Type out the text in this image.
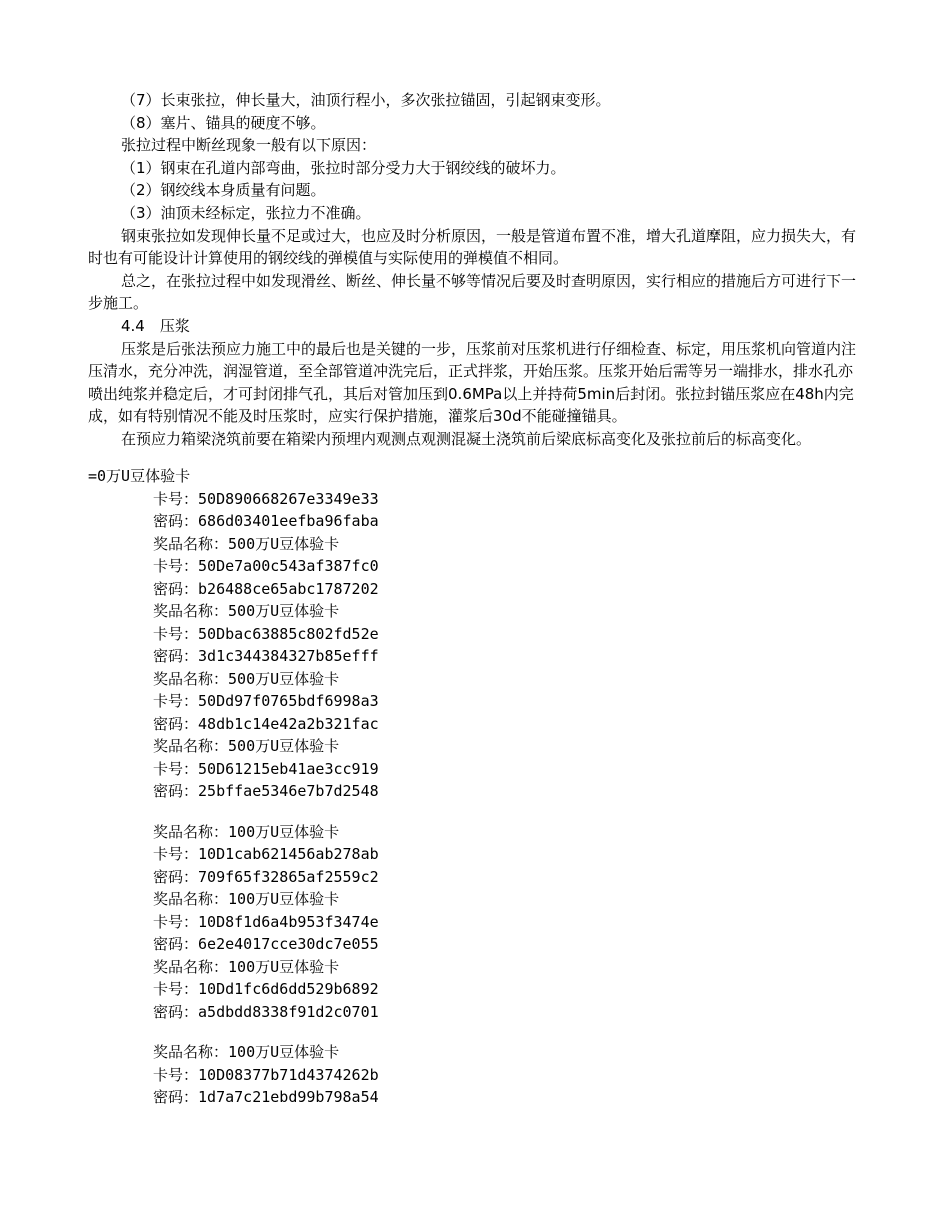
（7）长束张拉，伸长量大，油顶行程小，多次张拉锚固，引起钢束变形。

（8）塞片、锚具的硬度不够。

张拉过程中断丝现象一般有以下原因：

（1）钢束在孔道内部弯曲，张拉时部分受力大于钢绞线的破坏力。

（2）钢绞线本身质量有问题。

（3）油顶未经标定，张拉力不准确。

钢束张拉如发现伸长量不足或过大，也应及时分析原因，一般是管道布置不准，增大孔道摩阻，应力损失大，有时也有可能设计计算使用的钢绞线的弹模值与实际使用的弹模值不相同。

总之，在张拉过程中如发现滑丝、断丝、伸长量不够等情况后要及时查明原因，实行相应的措施后方可进行下一步施工。

4.4　压浆

压浆是后张法预应力施工中的最后也是关键的一步，压浆前对压浆机进行仔细检查、标定，用压浆机向管道内注压清水，充分冲洗，润湿管道，至全部管道冲洗完后，正式拌浆，开始压浆。压浆开始后需等另一端排水，排水孔亦喷出纯浆并稳定后，才可封闭排气孔，其后对管加压到0.6MPa以上并持荷5min后封闭。张拉封锚压浆应在48h内完成，如有特别情况不能及时压浆时，应实行保护措施，灌浆后30d不能碰撞锚具。

在预应力箱梁浇筑前要在箱梁内预埋内观测点观测混凝土浇筑前后梁底标高变化及张拉前后的标高变化。

=0万U豆体验卡

卡号：50D890668267e3349e33

密码：686d03401eefba96faba

奖品名称：500万U豆体验卡

卡号：50De7a00c543af387fc0

密码：b26488ce65abc1787202

奖品名称：500万U豆体验卡

卡号：50Dbac63885c802fd52e

密码：3d1c344384327b85efff

奖品名称：500万U豆体验卡

卡号：50Dd97f0765bdf6998a3

密码：48db1c14e42a2b321fac

奖品名称：500万U豆体验卡

卡号：50D61215eb41ae3cc919

密码：25bffae5346e7b7d2548

奖品名称：100万U豆体验卡

卡号：10D1cab621456ab278ab

密码：709f65f32865af2559c2

奖品名称：100万U豆体验卡

卡号：10D8f1d6a4b953f3474e

密码：6e2e4017cce30dc7e055

奖品名称：100万U豆体验卡

卡号：10Dd1fc6d6dd529b6892

密码：a5dbdd8338f91d2c0701

奖品名称：100万U豆体验卡

卡号：10D08377b71d4374262b

密码：1d7a7c21ebd99b798a54
